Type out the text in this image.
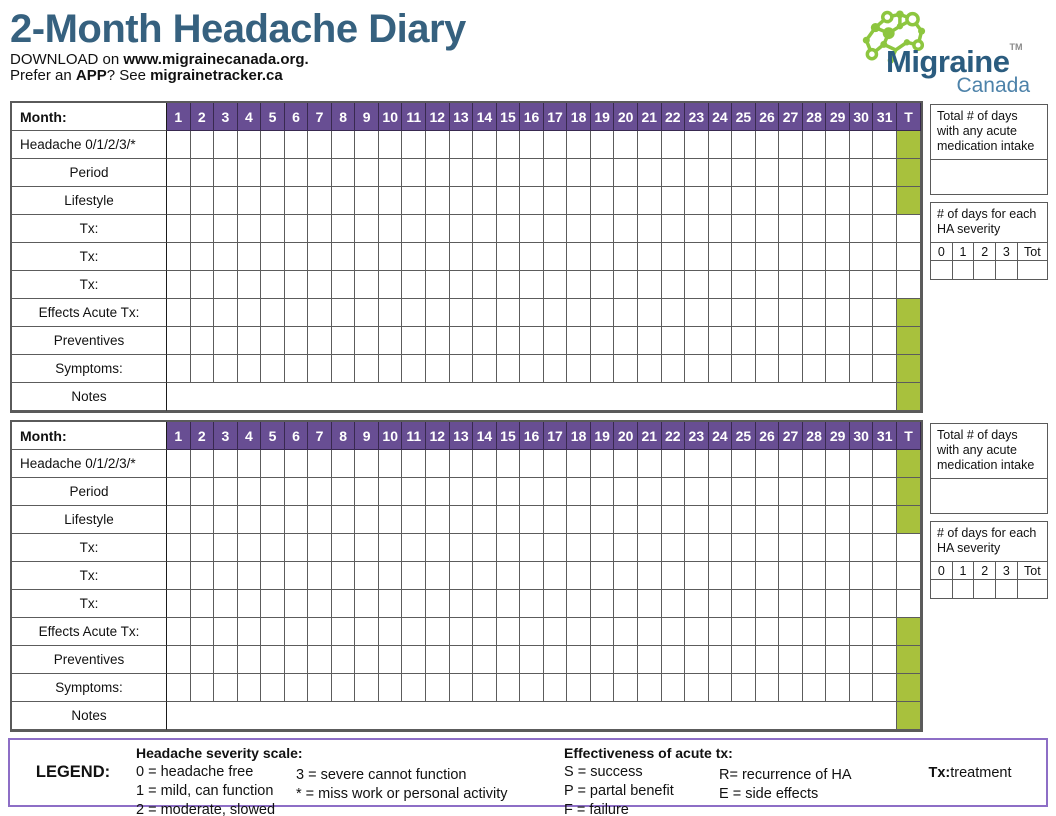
2-Month Headache Diary
DOWNLOAD on www.migrainecanada.org.
Prefer an APP? See migrainetracker.ca	Migraine™
Canada
Month:	1	2	3	4	5	6	7	8	9 10 11 12 13 14 15 16 17 18 19 20 21 22 23 24 25 26 27 28 29 30 31 T
Headache 0/1/2/3/*
Period
Lifestyle
Tx:
Tx:
Tx:
Effects Acute Tx:
Preventives
Symptoms:
Notes
Total # of days with any acute medication intake
# of days for each HA severity
0	1	2	3	Tot
Month:	1	2	3	4	5	6	7	8	9 10 11 12 13 14 15 16 17 18 19 20 21 22 23 24 25 26 27 28 29 30 31 T
Headache 0/1/2/3/*
Period
Lifestyle
Tx:
Tx:
Tx:
Effects Acute Tx:
Preventives
Symptoms:
Notes
Total # of days with any acute medication intake
# of days for each HA severity
0	1	2	3	Tot
LEGEND:
Headache severity scale:
0 = headache free
1 = mild, can function
2 = moderate, slowed
3 = severe cannot function
* = miss work or personal activity
Effectiveness of acute tx:
S = success
P = partal benefit
F = failure
R= recurrence of HA
E = side effects
Tx: treatment
